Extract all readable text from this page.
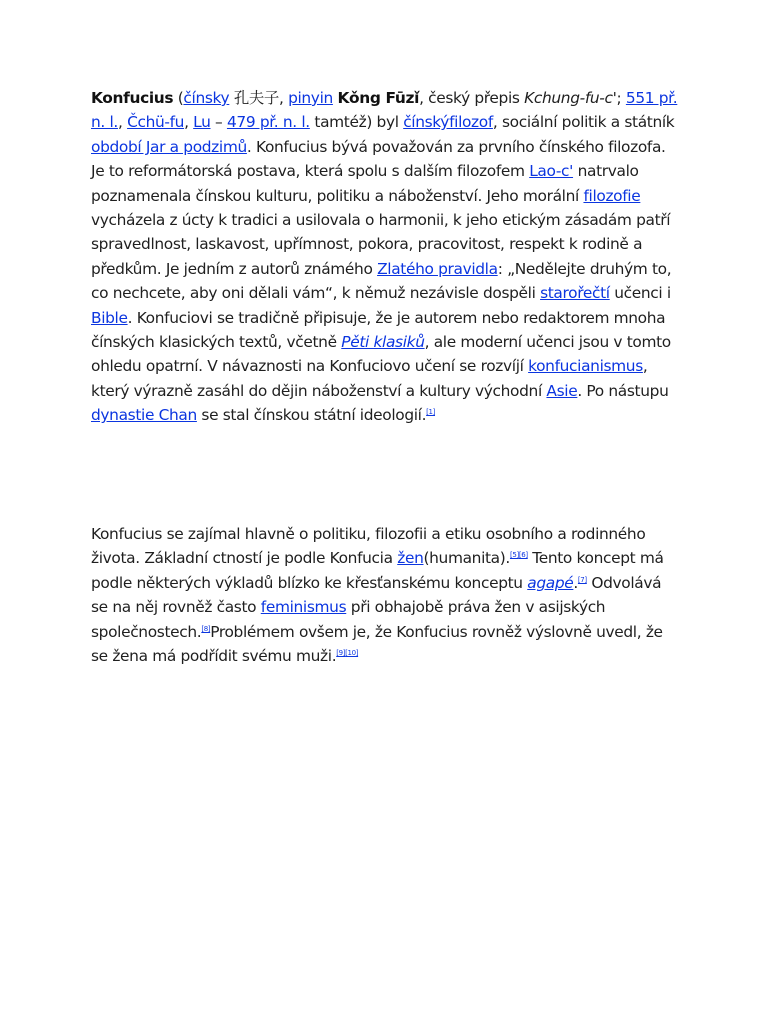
Konfucius (čínsky 孔夫子, pinyin Kǒng Fūzǐ, český přepis Kchung-fu-c'; 551 př. n. l., Čchü-fu, Lu – 479 př. n. l. tamtéž) byl čínskýfilozof, sociální politik a státník období Jar a podzimů. Konfucius bývá považován za prvního čínského filozofa. Je to reformátorská postava, která spolu s dalším filozofem Lao-c' natrvalo poznamenala čínskou kulturu, politiku a náboženství. Jeho morální filozofie vycházela z úcty k tradici a usilovala o harmonii, k jeho etickým zásadám patří spravedlnost, laskavost, upřímnost, pokora, pracovitost, respekt k rodině a předkům. Je jedním z autorů známého Zlatého pravidla: „Nedělejte druhým to, co nechcete, aby oni dělali vám“, k němuž nezávisle dospěli starořečtí učenci i Bible. Konfuciovi se tradičně připisuje, že je autorem nebo redaktorem mnoha čínských klasických textů, včetně Pěti klasiků, ale moderní učenci jsou v tomto ohledu opatrní. V návaznosti na Konfuciovo učení se rozvíjí konfucianismus, který výrazně zasáhl do dějin náboženství a kultury východní Asie. Po nástupu dynastie Chan se stal čínskou státní ideologií.[1]

Konfucius se zajímal hlavně o politiku, filozofii a etiku osobního a rodinného života. Základní ctností je podle Konfucia žen(humanita).[5][6] Tento koncept má podle některých výkladů blízko ke křesťanskému konceptu agapé.[7] Odvolává se na něj rovněž často feminismus při obhajobě práva žen v asijských společnostech.[8]Problémem ovšem je, že Konfucius rovněž výslovně uvedl, že se žena má podřídit svému muži.[9][10]
